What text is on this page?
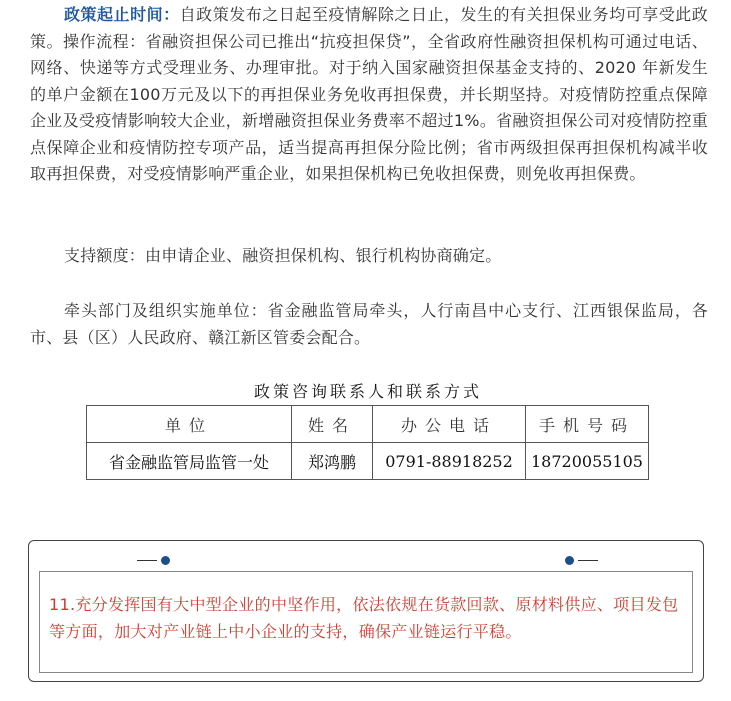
政策起止时间：自政策发布之日起至疫情解除之日止，发生的有关担保业务均可享受此政策。操作流程：省融资担保公司已推出“抗疫担保贷”，全省政府性融资担保机构可通过电话、网络、快递等方式受理业务、办理审批。对于纳入国家融资担保基金支持的、2020 年新发生的单户金额在100万元及以下的再担保业务免收再担保费，并长期坚持。对疫情防控重点保障企业及受疫情影响较大企业，新增融资担保业务费率不超过1%。省融资担保公司对疫情防控重点保障企业和疫情防控专项产品，适当提高再担保分险比例；省市两级担保再担保机构减半收取再担保费，对受疫情影响严重企业，如果担保机构已免收担保费，则免收再担保费。

支持额度：由申请企业、融资担保机构、银行机构协商确定。

牵头部门及组织实施单位：省金融监管局牵头，人行南昌中心支行、江西银保监局，各市、县（区）人民政府、赣江新区管委会配合。

政策咨询联系人和联系方式
单位	姓名	办公电话	手机号码
省金融监管局监管一处	郑鸿鹏	0791-88918252	18720055105

11.充分发挥国有大中型企业的中坚作用，依法依规在货款回款、原材料供应、项目发包等方面，加大对产业链上中小企业的支持，确保产业链运行平稳。
